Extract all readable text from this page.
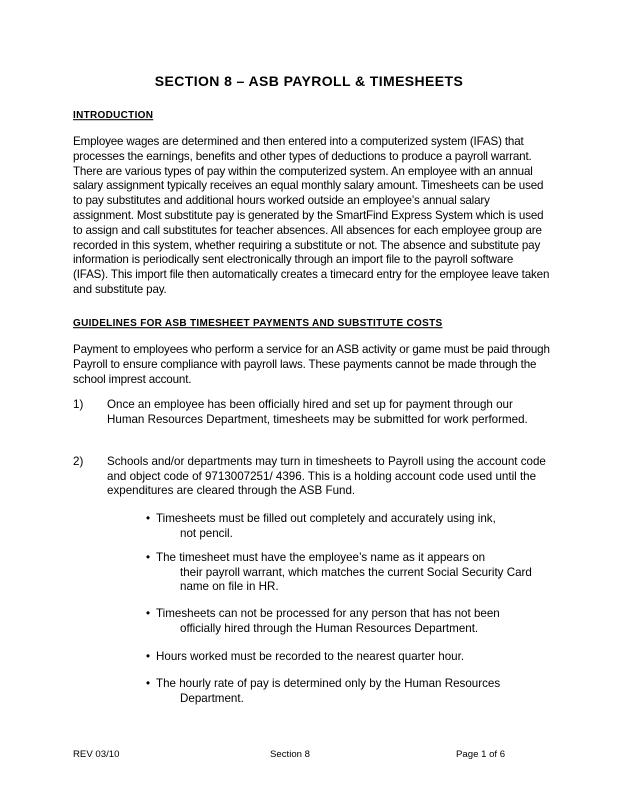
SECTION 8 – ASB PAYROLL & TIMESHEETS
INTRODUCTION
Employee wages are determined and then entered into a computerized system (IFAS) that processes the earnings, benefits and other types of deductions to produce a payroll warrant. There are various types of pay within the computerized system. An employee with an annual salary assignment typically receives an equal monthly salary amount. Timesheets can be used to pay substitutes and additional hours worked outside an employee’s annual salary assignment. Most substitute pay is generated by the SmartFind Express System which is used to assign and call substitutes for teacher absences. All absences for each employee group are recorded in this system, whether requiring a substitute or not. The absence and substitute pay information is periodically sent electronically through an import file to the payroll software (IFAS). This import file then automatically creates a timecard entry for the employee leave taken and substitute pay.
GUIDELINES FOR ASB TIMESHEET PAYMENTS AND SUBSTITUTE COSTS
Payment to employees who perform a service for an ASB activity or game must be paid through Payroll to ensure compliance with payroll laws. These payments cannot be made through the school imprest account.
1) Once an employee has been officially hired and set up for payment through our Human Resources Department, timesheets may be submitted for work performed.
2) Schools and/or departments may turn in timesheets to Payroll using the account code and object code of 9713007251/ 4396. This is a holding account code used until the expenditures are cleared through the ASB Fund.
• Timesheets must be filled out completely and accurately using ink,
not pencil.
• The timesheet must have the employee’s name as it appears on
their payroll warrant, which matches the current Social Security Card name on file in HR.
• Timesheets can not be processed for any person that has not been
officially hired through the Human Resources Department.
• Hours worked must be recorded to the nearest quarter hour.
• The hourly rate of pay is determined only by the Human Resources
Department.
REV 03/10	Section 8	Page 1 of 6
